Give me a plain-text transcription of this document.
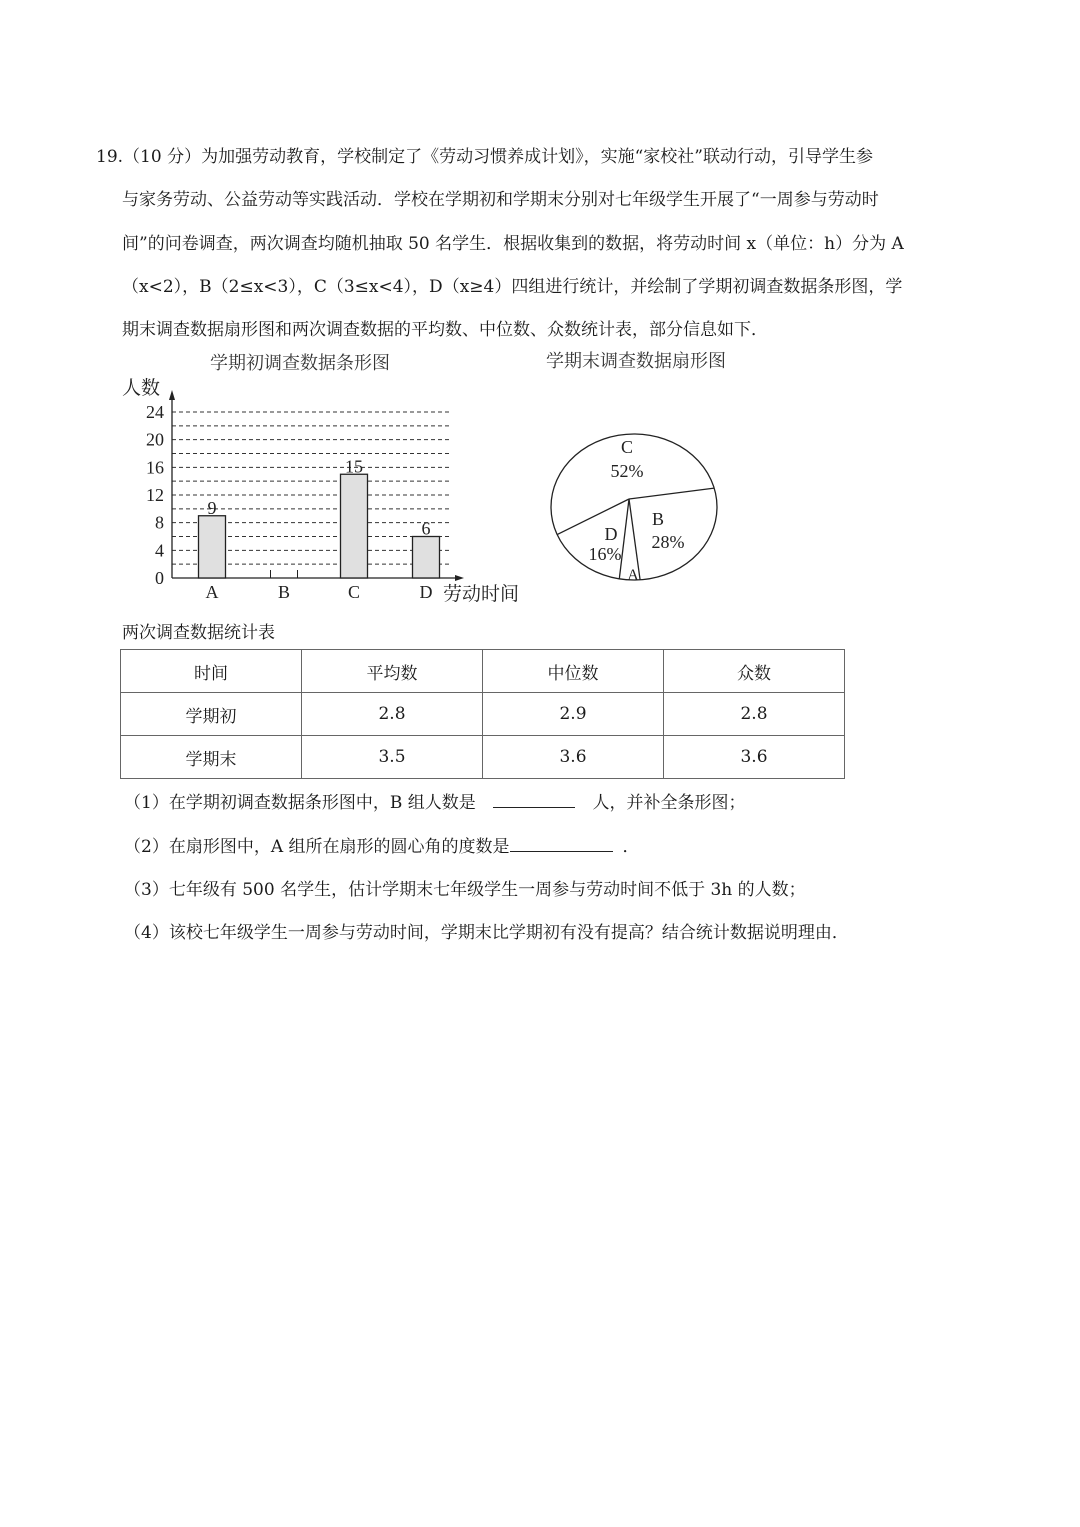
19.（10 分）为加强劳动教育，学校制定了《劳动习惯养成计划》，实施“家校社”联动行动，引导学生参
与家务劳动、公益劳动等实践活动．学校在学期初和学期末分别对七年级学生开展了“一周参与劳动时
间”的问卷调查，两次调查均随机抽取 50 名学生．根据收集到的数据，将劳动时间 x（单位：h）分为 A
（x<2），B（2≤x<3），C（3≤x<4），D（x≥4）四组进行统计，并绘制了学期初调查数据条形图，学
期末调查数据扇形图和两次调查数据的平均数、中位数、众数统计表，部分信息如下．
学期初调查数据条形图	学期末调查数据扇形图
人数
劳动时间
0
4
8
12
16
20
24
A
9
B	C
15
D
6	B
28%
A
D
16%
C
52%
两次调查数据统计表
时间	平均数	中位数	众数
学期初	2.8	2.9	2.8
学期末	3.5	3.6	3.6
（1）在学期初调查数据条形图中，B 组人数是	人，并补全条形图；
（2）在扇形图中，A 组所在扇形的圆心角的度数是	．
（3）七年级有 500 名学生，估计学期末七年级学生一周参与劳动时间不低于 3h 的人数；
（4）该校七年级学生一周参与劳动时间，学期末比学期初有没有提高？结合统计数据说明理由．
